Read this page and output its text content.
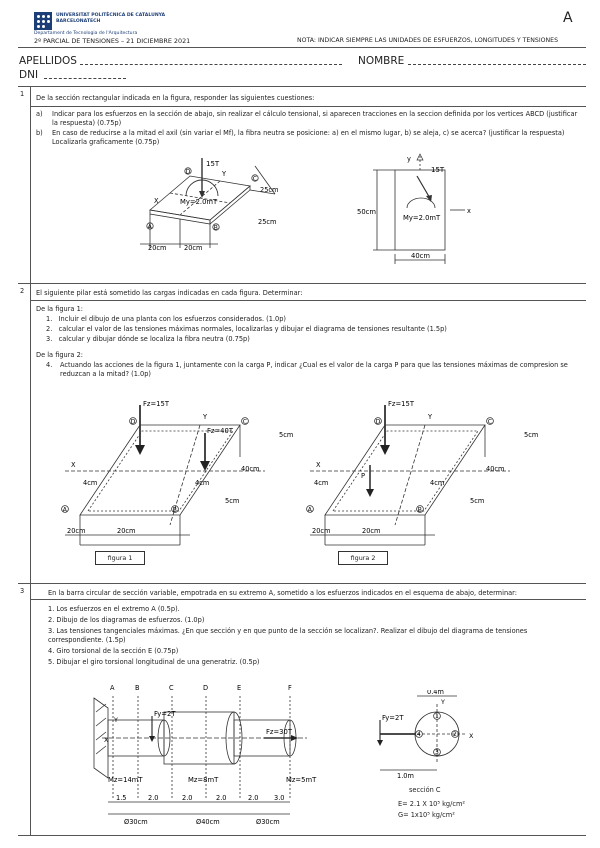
UNIVERSITAT POLITÈCNICA DE CATALUNYA
BARCELONATECH
Departament de Tecnologia de l'Arquitectura
A
2º PARCIAL DE TENSIONES – 21 DICIEMBRE 2021	NOTA: INDICAR SIEMPRE LAS UNIDADES DE ESFUERZOS, LONGITUDES Y TENSIONES
APELLIDOS	NOMBRE
DNI
1 De la sección rectangular indicada en la figura, responder las siguientes cuestiones:
a) Indicar para los esfuerzos en la sección de abajo, sin realizar el cálculo tensional, si aparecen tracciones en la seccion definida por los vertices ABCD (justificar la respuesta) (0.75p)
b) En caso de reducirse a la mitad el axil (sin variar el Mf), la fibra neutra se posicione: a) en el mismo lugar, b) se aleja, c) se acerca? (justificar la respuesta) Localizarla graficamente (0.75p)
15T
My=2.0mT
X
Y
20cm	20cm
25cm
25cm
A	B
C
D
y
15T
My=2.0mT
x
50cm
40cm
2 El siguiente pilar está sometido las cargas indicadas en cada figura. Determinar:
De la figura 1:
1. Incluir el dibujo de una planta con los esfuerzos considerados. (1.0p)
2. calcular el valor de las tensiones máximas normales, localizarlas y dibujar el diagrama de tensiones resultante (1.5p)
3. calcular y dibujar dónde se localiza la fibra neutra (0.75p)
De la figura 2:
4. Actuando las acciones de la figura 1, juntamente con la carga P, indicar ¿Cual es el valor de la carga P para que las tensiones máximas de compresion se reduzcan a la mitad? (1.0p)
Fz=15T
Fz=40T	5cm
40cm
4cm	4cm
5cm
20cm	20cm
X
Y
A	B
C
D
figura 1
Fz=15T
P
5cm
40cm
4cm	4cm
5cm
20cm	20cm
X
Y
A	B
C
D
figura 2
3	En la barra circular de sección variable, empotrada en su extremo A, sometido a los esfuerzos indicados en el esquema de abajo, determinar:
1. Los esfuerzos en el extremo A (0.5p).
2. Dibujo de los diagramas de esfuerzos. (1.0p)
3. Las tensiones tangenciales máximas. ¿En que sección y en que punto de la sección se localizan?. Realizar el dibujo del diagrama de tensiones correspondiente. (1.5p)
4. Giro torsional de la sección E (0.75p)
5. Dibujar el giro torsional longitudinal de una generatriz. (0.5p)
A	B	C	D	E	F
Fy=2T
Fz=30T
X
Y
Mz=14mT	Mz=8mT	Mz=5mT
1.5	2.0	2.0	2.0	2.0 3.0
Ø30cm	Ø40cm	Ø30cm
0.4m
Y
X
Fy=2T
1.0m
1
2
3
4
sección C
E= 2.1 X 10⁵ kg/cm²
G= 1x10⁵ kg/cm²
